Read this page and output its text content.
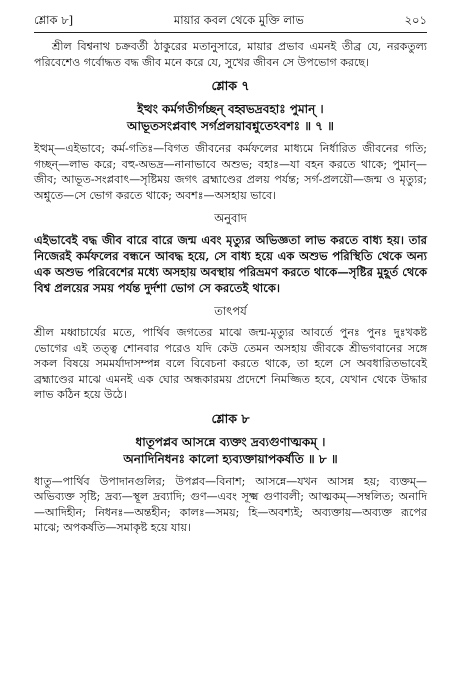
শ্লোক ৮]	মায়ার কবল থেকে মুক্তি লাভ	২০১

শ্রীল বিশ্বনাথ চক্রবর্তী ঠাকুরের মতানুসারে, মায়ার প্রভাব এমনই তীব্র যে, নরকতুল্য পরিবেশেও গর্বোদ্ধত বদ্ধ জীব মনে করে যে, সুখের জীবন সে উপভোগ করছে।

শ্লোক ৭
ইত্থং কর্মগতীর্গচ্ছন্ বহ্বভদ্রবহাঃ পুমান্ ।
আভূতসংপ্লবাৎ সর্গপ্রলয়াবশ্নুতেঽবশঃ ॥ ৭ ॥

ইত্থম্—এইভাবে; কর্ম-গতিঃ—বিগত জীবনের কর্মফলের মাধ্যমে নির্ধারিত জীবনের গতি; গচ্ছন্—লাভ করে; বহু-অভদ্র—নানাভাবে অশুভ; বহাঃ—যা বহন করতে থাকে; পুমান্—জীব; আভূত-সংপ্লবাৎ—সৃষ্টিময় জগৎ ব্রহ্মাণ্ডের প্রলয় পর্যন্ত; সর্গ-প্রলয়ৌ—জন্ম ও মৃত্যুর; অশ্নুতে—সে ভোগ করতে থাকে; অবশঃ—অসহায় ভাবে।

অনুবাদ

এইভাবেই বদ্ধ জীব বারে বারে জন্ম এবং মৃত্যুর অভিজ্ঞতা লাভ করতে বাধ্য হয়। তার নিজেরই কর্মফলের বন্ধনে আবদ্ধ হয়ে, সে বাধ্য হয়ে এক অশুভ পরিস্থিতি থেকে অন্য এক অশুভ পরিবেশের মধ্যে অসহায় অবস্থায় পরিভ্রমণ করতে থাকে—সৃষ্টির মুহূর্ত থেকে বিশ্ব প্রলয়ের সময় পর্যন্ত দুর্দশা ভোগ সে করতেই থাকে।

তাৎপর্য

শ্রীল মধ্বাচার্যের মতে, পার্থিব জগতের মাঝে জন্ম-মৃত্যুর আবর্তে পুনঃ পুনঃ দুঃখকষ্ট ভোগের এই তত্ত্ব শোনবার পরেও যদি কেউ তেমন অসহায় জীবকে শ্রীভগবানের সঙ্গে সকল বিষয়ে সমমর্যাদাসম্পন্ন বলে বিবেচনা করতে থাকে, তা হলে সে অবধারিতভাবেই ব্রহ্মাণ্ডের মাঝে এমনই এক ঘোর অন্ধকারময় প্রদেশে নিমজ্জিত হবে, যেখান থেকে উদ্ধার লাভ কঠিন হয়ে উঠে।

শ্লোক ৮
ধাতূপপ্লব আসন্নে ব্যক্তং দ্রব্যগুণাত্মকম্ ।
অনাদিনিধনঃ কালো হ্যব্যক্তায়াপকর্ষতি ॥ ৮ ॥

ধাতু—পার্থিব উপাদানগুলির; উপপ্লব—বিনাশ; আসন্নে—যখন আসন্ন হয়; ব্যক্তম্—অভিব্যক্ত সৃষ্টি; দ্রব্য—স্থূল দ্রব্যাদি; গুণ—এবং সূক্ষ্ম গুণাবলী; আত্মকম্—সম্বলিত; অনাদি—আদিহীন; নিধনঃ—অন্তহীন; কালঃ—সময়; হি—অবশ্যই; অব্যক্তায়—অব্যক্ত রূপের মাঝে; অপকর্ষতি—সমাকৃষ্ট হয়ে যায়।
